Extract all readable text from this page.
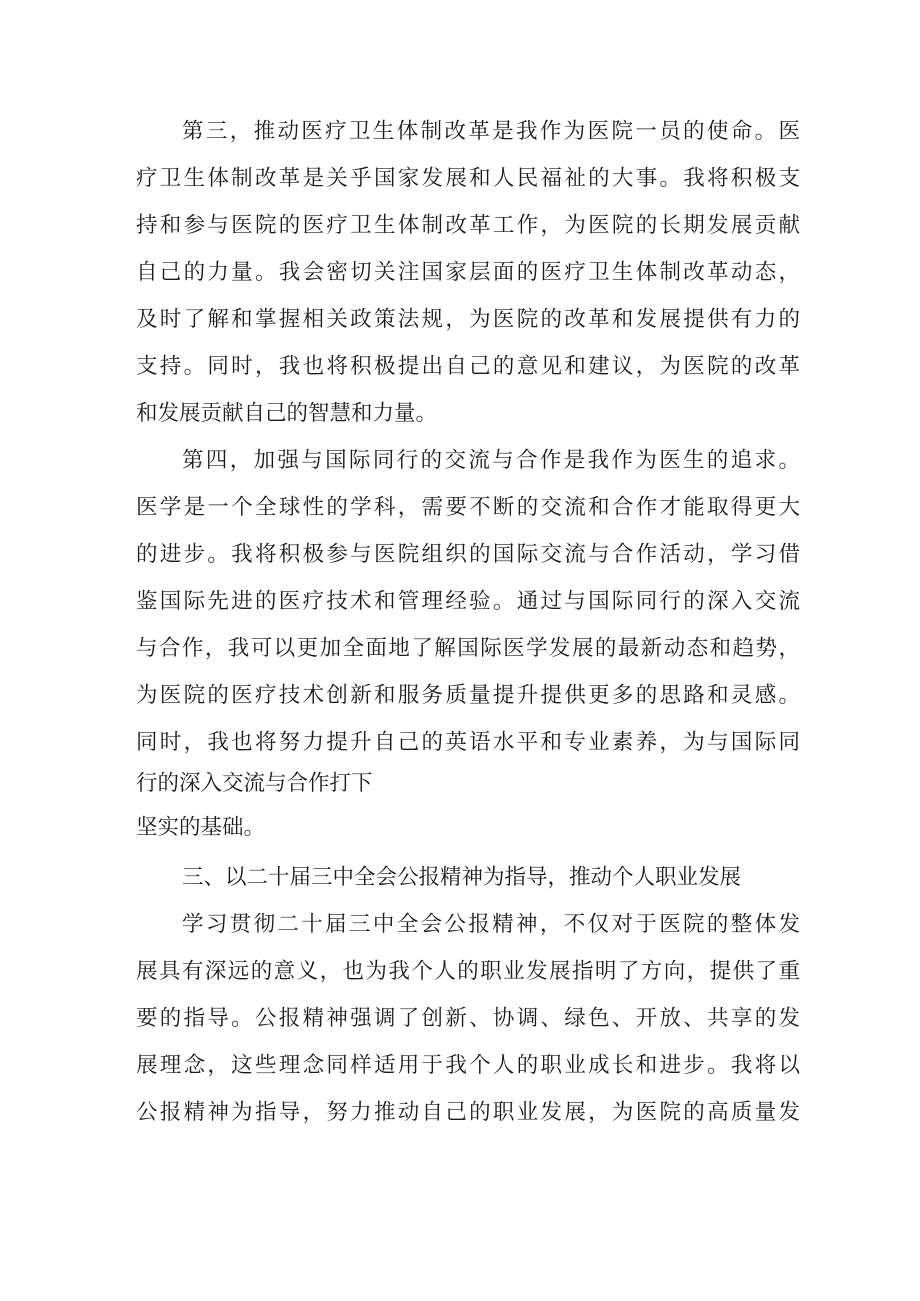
第三，推动医疗卫生体制改革是我作为医院一员的使命。医
疗卫生体制改革是关乎国家发展和人民福祉的大事。我将积极支
持和参与医院的医疗卫生体制改革工作，为医院的长期发展贡献
自己的力量。我会密切关注国家层面的医疗卫生体制改革动态，
及时了解和掌握相关政策法规，为医院的改革和发展提供有力的
支持。同时，我也将积极提出自己的意见和建议，为医院的改革
和发展贡献自己的智慧和力量。
第四，加强与国际同行的交流与合作是我作为医生的追求。
医学是一个全球性的学科，需要不断的交流和合作才能取得更大
的进步。我将积极参与医院组织的国际交流与合作活动，学习借
鉴国际先进的医疗技术和管理经验。通过与国际同行的深入交流
与合作，我可以更加全面地了解国际医学发展的最新动态和趋势，
为医院的医疗技术创新和服务质量提升提供更多的思路和灵感。
同时，我也将努力提升自己的英语水平和专业素养，为与国际同
行的深入交流与合作打下
坚实的基础。
三、以二十届三中全会公报精神为指导，推动个人职业发展
学习贯彻二十届三中全会公报精神，不仅对于医院的整体发
展具有深远的意义，也为我个人的职业发展指明了方向，提供了重
要的指导。公报精神强调了创新、协调、绿色、开放、共享的发
展理念，这些理念同样适用于我个人的职业成长和进步。我将以
公报精神为指导，努力推动自己的职业发展，为医院的高质量发
